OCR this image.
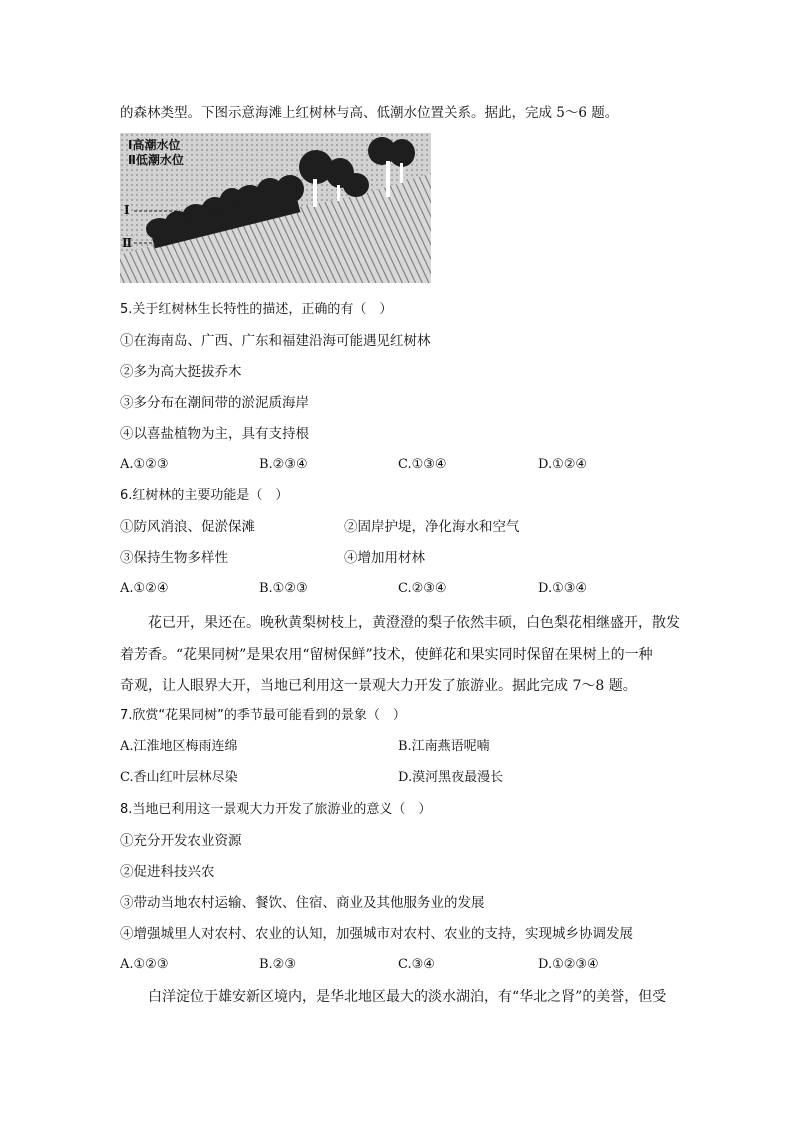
的森林类型。下图示意海滩上红树林与高、低潮水位置关系。据此，完成 5～6 题。
Ⅰ高潮水位
Ⅱ低潮水位
Ⅰ
Ⅱ
5.关于红树林生长特性的描述，正确的有（　）
①在海南岛、广西、广东和福建沿海可能遇见红树林
②多为高大挺拔乔木
③多分布在潮间带的淤泥质海岸
④以喜盐植物为主，具有支持根
A.①②③	B.②③④	C.①③④	D.①②④
6.红树林的主要功能是（　）
①防风消浪、促淤保滩	②固岸护堤，净化海水和空气
③保持生物多样性	④增加用材林
A.①②④	B.①②③	C.②③④	D.①③④
　　花已开，果还在。晚秋黄梨树枝上，黄澄澄的梨子依然丰硕，白色梨花相继盛开，散发
着芳香。“花果同树”是果农用“留树保鲜”技术，使鲜花和果实同时保留在果树上的一种
奇观，让人眼界大开，当地已利用这一景观大力开发了旅游业。据此完成 7～8 题。
7.欣赏“花果同树”的季节最可能看到的景象（　）
A.江淮地区梅雨连绵	B.江南燕语呢喃
C.香山红叶层林尽染	D.漠河黑夜最漫长
8.当地已利用这一景观大力开发了旅游业的意义（　）
①充分开发农业资源
②促进科技兴农
③带动当地农村运输、餐饮、住宿、商业及其他服务业的发展
④增强城里人对农村、农业的认知，加强城市对农村、农业的支持，实现城乡协调发展
A.①②③	B.②③	C.③④	D.①②③④
　　白洋淀位于雄安新区境内，是华北地区最大的淡水湖泊，有“华北之肾”的美誉，但受
